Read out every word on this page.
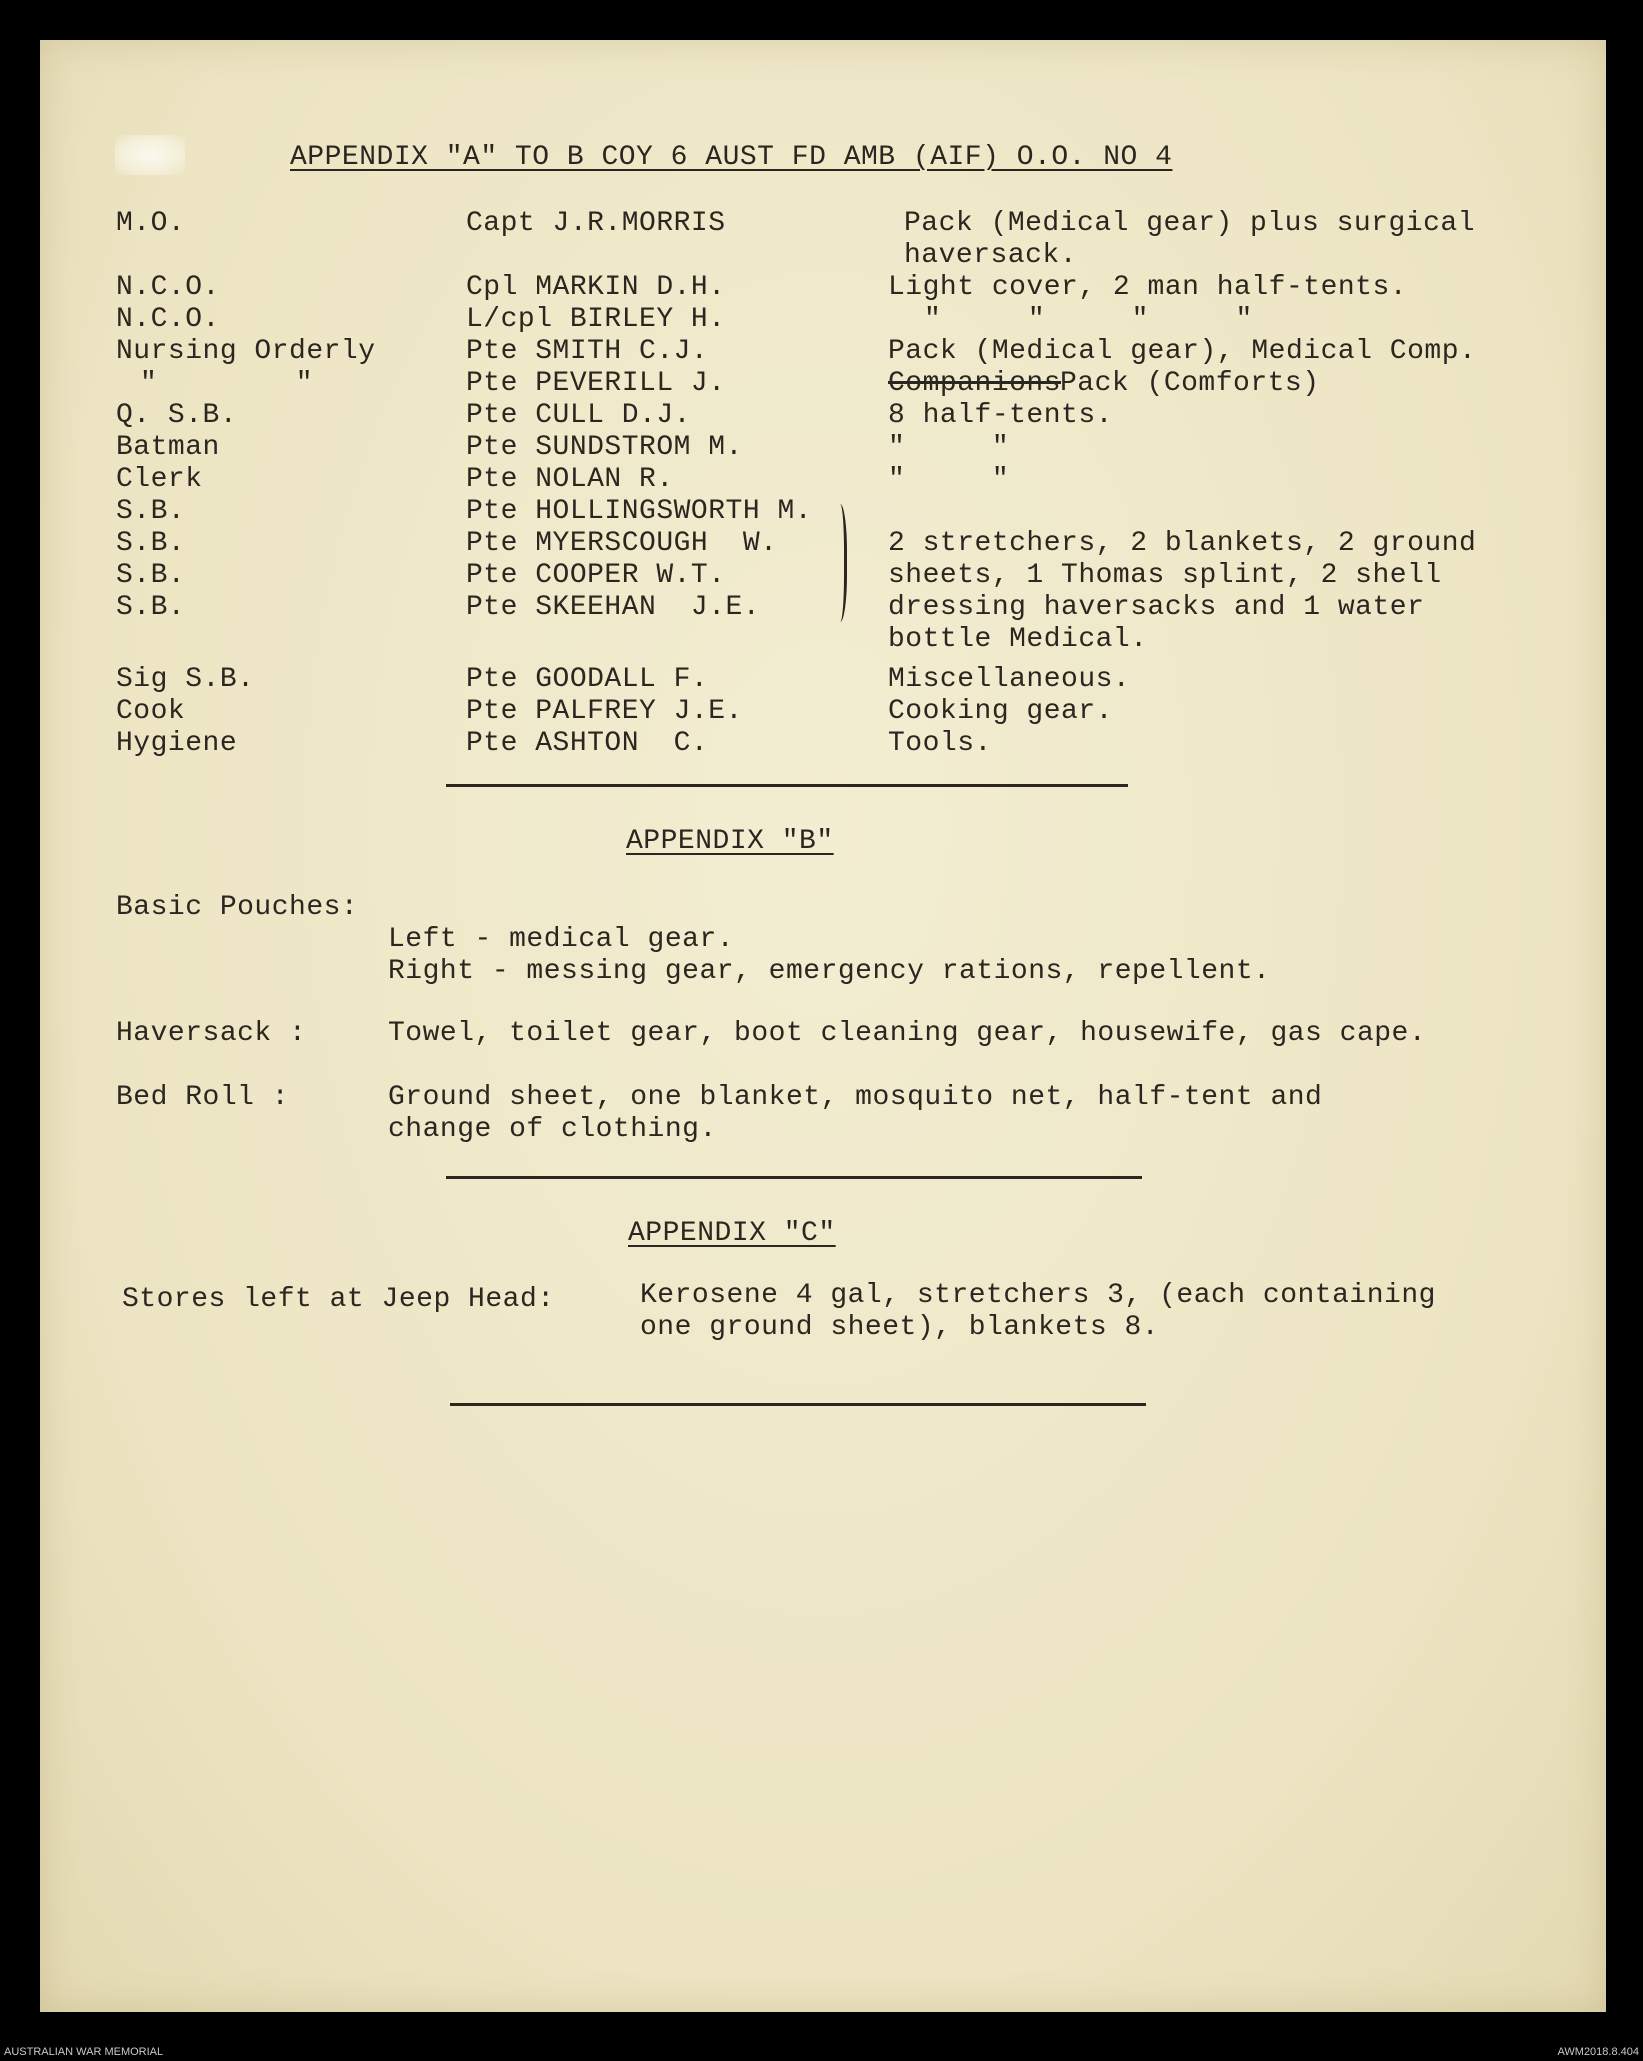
APPENDIX "A" TO B COY 6 AUST FD AMB (AIF) O.O. NO 4
M.O.	Capt J.R.MORRIS	Pack (Medical gear) plus surgical
haversack.
N.C.O.	Cpl MARKIN D.H.	Light cover, 2 man half-tents.
N.C.O.	L/cpl BIRLEY H.	"     "     "     "
Nursing Orderly	Pte SMITH C.J.	Pack (Medical gear), Medical Comp.
"        "	Pte PEVERILL J.	Companions
Pack (Comforts)
Q. S.B.	Pte CULL D.J.	8 half-tents.
Batman	Pte SUNDSTROM M.	"     "
Clerk	Pte NOLAN R.	"     "
S.B.	Pte HOLLINGSWORTH M.
S.B.	Pte MYERSCOUGH  W.	2 stretchers, 2 blankets, 2 ground
S.B.	Pte COOPER W.T.	sheets, 1 Thomas splint, 2 shell
S.B.	Pte SKEEHAN  J.E.	dressing haversacks and 1 water
bottle Medical.
Sig S.B.	Pte GOODALL F.	Miscellaneous.
Cook	Pte PALFREY J.E.	Cooking gear.
Hygiene	Pte ASHTON  C.	Tools.
APPENDIX "B"
Basic Pouches:
Left - medical gear.
Right - messing gear, emergency rations, repellent.
Haversack :	Towel, toilet gear, boot cleaning gear, housewife, gas cape.
Bed Roll :	Ground sheet, one blanket, mosquito net, half-tent and
change of clothing.
APPENDIX "C"
Stores left at Jeep Head:	Kerosene 4 gal, stretchers 3, (each containing
one ground sheet), blankets 8.
AUSTRALIAN WAR MEMORIAL	AWM2018.8.404
